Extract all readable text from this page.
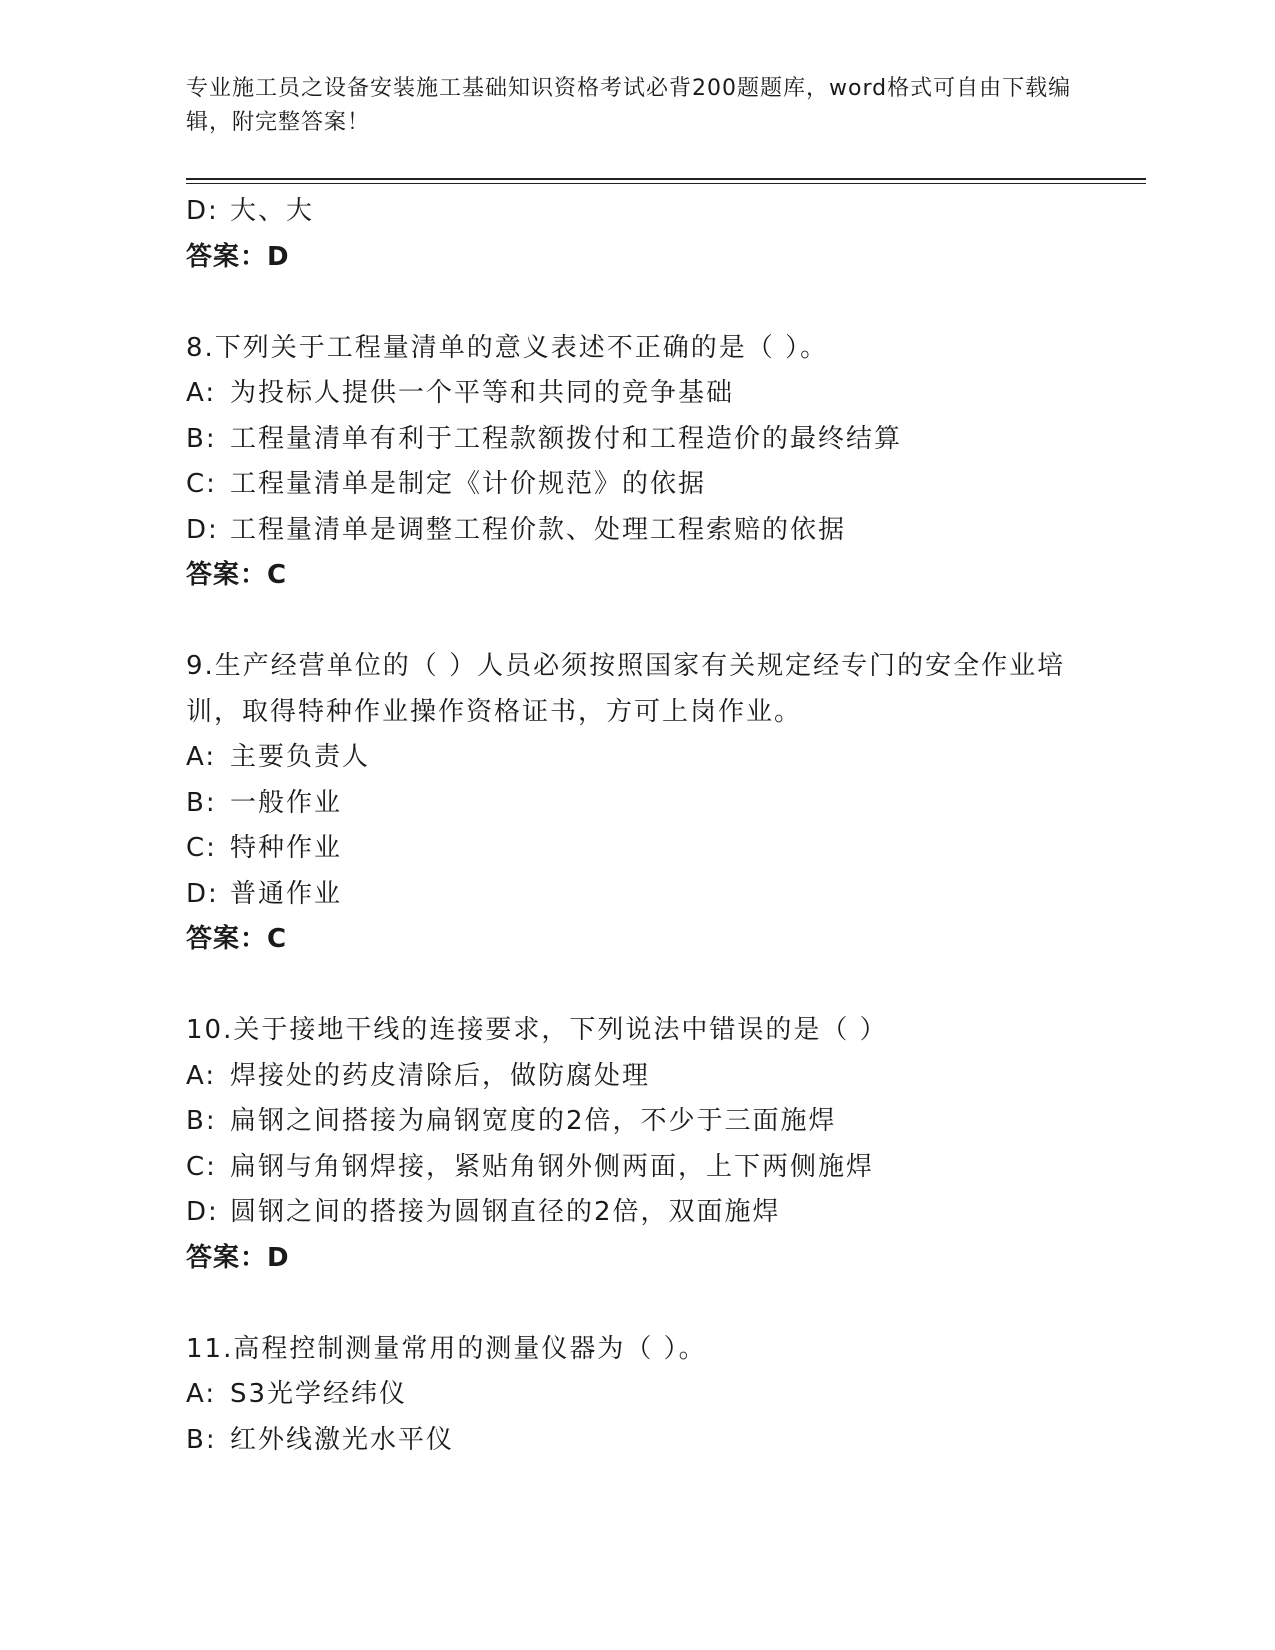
专业施工员之设备安装施工基础知识资格考试必背200题题库，word格式可自由下载编辑，附完整答案！
D: 大、大
答案：D
8.下列关于工程量清单的意义表述不正确的是（ ）。
A: 为投标人提供一个平等和共同的竞争基础
B: 工程量清单有利于工程款额拨付和工程造价的最终结算
C: 工程量清单是制定《计价规范》的依据
D: 工程量清单是调整工程价款、处理工程索赔的依据
答案：C
9.生产经营单位的（ ）人员必须按照国家有关规定经专门的安全作业培训，取得特种作业操作资格证书，方可上岗作业。
A: 主要负责人
B: 一般作业
C: 特种作业
D: 普通作业
答案：C
10.关于接地干线的连接要求，下列说法中错误的是（ ）
A: 焊接处的药皮清除后，做防腐处理
B: 扁钢之间搭接为扁钢宽度的2倍，不少于三面施焊
C: 扁钢与角钢焊接，紧贴角钢外侧两面，上下两侧施焊
D: 圆钢之间的搭接为圆钢直径的2倍，双面施焊
答案：D
11.高程控制测量常用的测量仪器为（ ）。
A: S3光学经纬仪
B: 红外线激光水平仪
